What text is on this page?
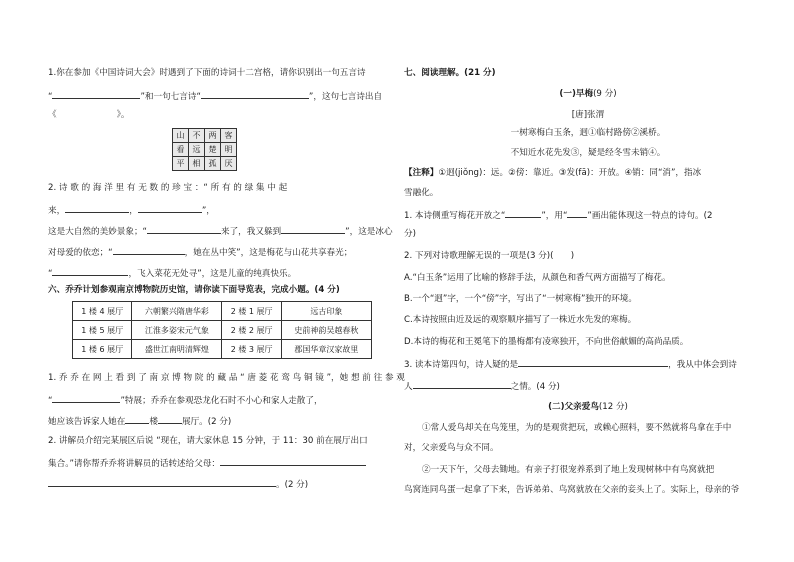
1.你在参加《中国诗词大会》时遇到了下面的诗词十二宫格，请你识别出一句五言诗
“	”和一句七言诗“	”，这句七言诗出自
《	》。
山	不	两	客
看	远	楚	明
平	相	孤	厌
2. 诗 歌 的 海 洋 里 有 无 数 的 珍 宝 ：“ 所 有 的 绿 集 中 起
来，	，	”，
这是大自然的美妙景象；“	来了，我又躲到	”，这是冰心
对母爱的依恋；“	，她在丛中笑”，这是梅花与山花共享春光；
“	，飞入菜花无处寻”，这是儿童的纯真快乐。
六、乔乔计划参观南京博物院历史馆，请你读下面导览表，完成小题。(4 分)
1 楼 4 展厅	六朝繁兴隋唐华彩	2 楼 1 展厅	远古印象
1 楼 5 展厅	江淮多姿宋元气象	2 楼 2 展厅	史前神韵吴越春秋
1 楼 6 展厅	盛世江南明清辉煌	2 楼 3 展厅	郡国华章汉家故里
1. 乔 乔 在 网 上 看 到 了 南 京 博 物 院 的 藏 品 “ 唐 菱 花 鸾 鸟 铜 镜 ”，她 想 前 往 参 观
“	”特展；乔乔在参观恐龙化石时不小心和家人走散了，
她应该告诉家人她在	楼	展厅。(2 分)
2. 讲解员介绍完某展区后说 “现在，请大家休息 15 分钟，于 11：30 前在展厅出口
集合。”请你帮乔乔将讲解员的话转述给父母：
。(2 分)
七、阅读理解。(21 分)
(一)早梅(9 分)
[唐]张渭
一树寒梅白玉条，迥①临村路傍②溪桥。
不知近水花先发③，疑是经冬雪未销④。
【注释】①迥(jiǒng)：远。②傍：靠近。③发(fā)：开放。④销：同“消”，指冰
雪融化。
1. 本诗侧重写梅花开放之“	”，用“ ”画出能体现这一特点的诗句。(2
分)
2. 下列对诗歌理解无误的一项是(3 分)(　　)
A.“白玉条”运用了比喻的修辞手法，从颜色和香气两方面描写了梅花。
B.一个“迥”字，一个“傍”字，写出了“一树寒梅”独开的环境。
C.本诗按照由近及远的观察顺序描写了一株近水先发的寒梅。
D.本诗的梅花和王冕笔下的墨梅都有凌寒独开，不向世俗献媚的高尚品质。
3. 读本诗第四句，诗人疑的是	，我从中体会到诗
人	之情。(4 分)
(二)父亲爱鸟(12 分)
①常人爱鸟却关在鸟笼里，为的是观赏把玩，或赖心照料，要不然就将鸟拿在手中
对，父亲爱鸟与众不同。
②一天下午，父母去锄地。有亲子打很宠养系到了地上发现树林中有鸟窝就把
鸟窝连同鸟蛋一起拿了下来，告诉弟弟、鸟窝就放在父亲的妾头上了。实际上，母亲的爷
